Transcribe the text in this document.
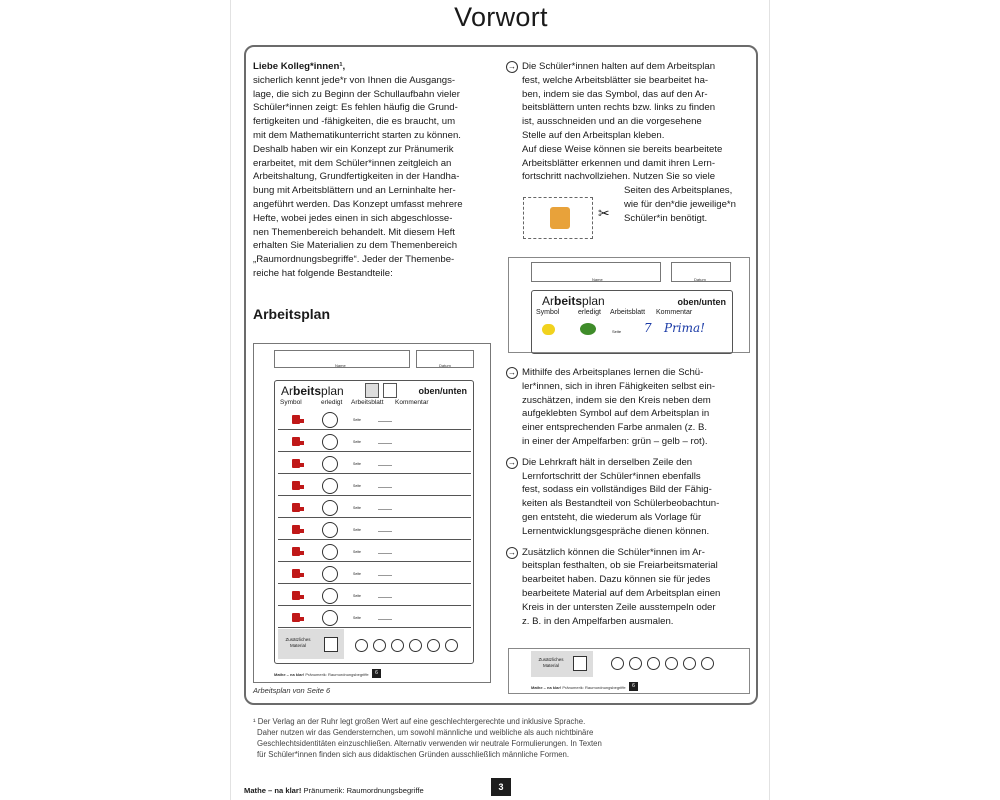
Vorwort
Liebe Kolleg*innen¹,
sicherlich kennt jede*r von Ihnen die Ausgangs-
lage, die sich zu Beginn der Schullaufbahn vieler
Schüler*innen zeigt: Es fehlen häufig die Grund-
fertigkeiten und -fähigkeiten, die es braucht, um
mit dem Mathematikunterricht starten zu können.
Deshalb haben wir ein Konzept zur Pränumerik
erarbeitet, mit dem Schüler*innen zeitgleich an
Arbeitshaltung, Grundfertigkeiten in der Handha-
bung mit Arbeitsblättern und an Lerninhalte her-
angeführt werden. Das Konzept umfasst mehrere
Hefte, wobei jedes einen in sich abgeschlosse-
nen Themenbereich behandelt. Mit diesem Heft
erhalten Sie Materialien zu dem Themenbereich
„Raumordnungsbegriffe“. Jeder der Themenbe-
reiche hat folgende Bestandteile:
Arbeitsplan
Name	Datum
Arbeitsplan	oben/unten
Symbol	erledigt Arbeitsblatt Kommentar
Seite
Seite
Seite
Seite
Seite
Seite
Seite
Seite
Seite
Seite
Zusätzliches Material
Mathe – na klar! Pränumerik: Raumordnungsbegriffe	6
Arbeitsplan von Seite 6
→ Die Schüler*innen halten auf dem Arbeitsplan
fest, welche Arbeitsblätter sie bearbeitet ha-
ben, indem sie das Symbol, das auf den Ar-
beitsblättern unten rechts bzw. links zu finden
ist, ausschneiden und an die vorgesehene
Stelle auf den Arbeitsplan kleben.
Auf diese Weise können sie bereits bearbeitete
Arbeitsblätter erkennen und damit ihren Lern-
fortschritt nachvollziehen. Nutzen Sie so viele
Seiten des Arbeitsplanes,
wie für den*die jeweilige*n
Schüler*in benötigt.
✂
Name	Datum
Arbeitsplan	oben/unten
Symbol	erledigt Arbeitsblatt Kommentar
Seite 7 Prima!
→ Mithilfe des Arbeitsplanes lernen die Schü-
ler*innen, sich in ihren Fähigkeiten selbst ein-
zuschätzen, indem sie den Kreis neben dem
aufgeklebten Symbol auf dem Arbeitsplan in
einer entsprechenden Farbe anmalen (z. B.
in einer der Ampelfarben: grün – gelb – rot).
→ Die Lehrkraft hält in derselben Zeile den
Lernfortschritt der Schüler*innen ebenfalls
fest, sodass ein vollständiges Bild der Fähig-
keiten als Bestandteil von Schülerbeobachtun-
gen entsteht, die wiederum als Vorlage für
Lernentwicklungsgespräche dienen können.
→ Zusätzlich können die Schüler*innen im Ar-
beitsplan festhalten, ob sie Freiarbeitsmaterial
bearbeitet haben. Dazu können sie für jedes
bearbeitete Material auf dem Arbeitsplan einen
Kreis in der untersten Zeile ausstempeln oder
z. B. in den Ampelfarben ausmalen.
Zusätzliches Material
Mathe – na klar! Pränumerik: Raumordnungsbegriffe	6
¹ Der Verlag an der Ruhr legt großen Wert auf eine geschlechtergerechte und inklusive Sprache.
Daher nutzen wir das Gendersternchen, um sowohl männliche und weibliche als auch nichtbinäre
Geschlechtsidentitäten einzuschließen. Alternativ verwenden wir neutrale Formulierungen. In Texten
für Schüler*innen finden sich aus didaktischen Gründen ausschließlich männliche Formen.
Mathe – na klar! Pränumerik: Raumordnungsbegriffe	3
